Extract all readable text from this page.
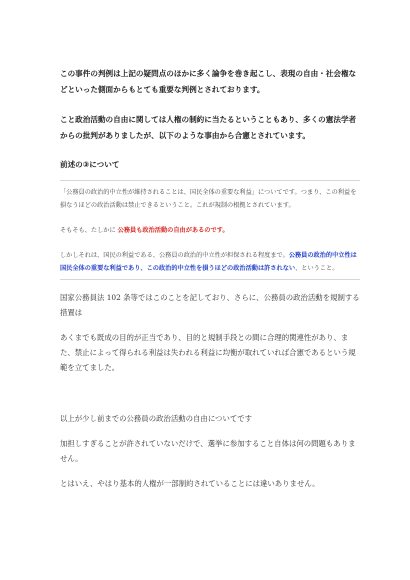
この事件の判例は上記の疑問点のほかに多く論争を巻き起こし、表現の自由・社会権などといった側面からもとても重要な判例とされております。

こと政治活動の自由に関しては人権の制約に当たるということもあり、多くの憲法学者からの批判がありましたが、以下のような事由から合憲とされています。

前述の③について

「公務員の政治的中立性が維持されることは、国民全体の重要な利益」についてです。つまり、この利益を損なうほどの政治活動は禁止できるということ。これが規制の根拠とされています。

そもそも、たしかに 公務員も政治活動の自由があるのです。

しかしそれは、国民の利益である、公務員の政治的中立性が担保される程度まで。公務員の政治的中立性は国民全体の重要な利益であり、この政治的中立性を損うほどの政治活動は許されない、ということ。

国家公務員法 102 条等ではこのことを記しており、さらに、公務員の政治活動を規制する措置は

あくまでも既成の目的が正当であり、目的と規制手段との間に合理的関連性があり、また、禁止によって得られる利益は失われる利益に均衡が取れていれば合憲であるという規範を立てました。

以上が少し前までの公務員の政治活動の自由についてです

加担しすぎることが許されていないだけで、選挙に参加すること自体は何の問題もありません。

とはいえ、やはり基本的人権が一部制約されていることには違いありません。
